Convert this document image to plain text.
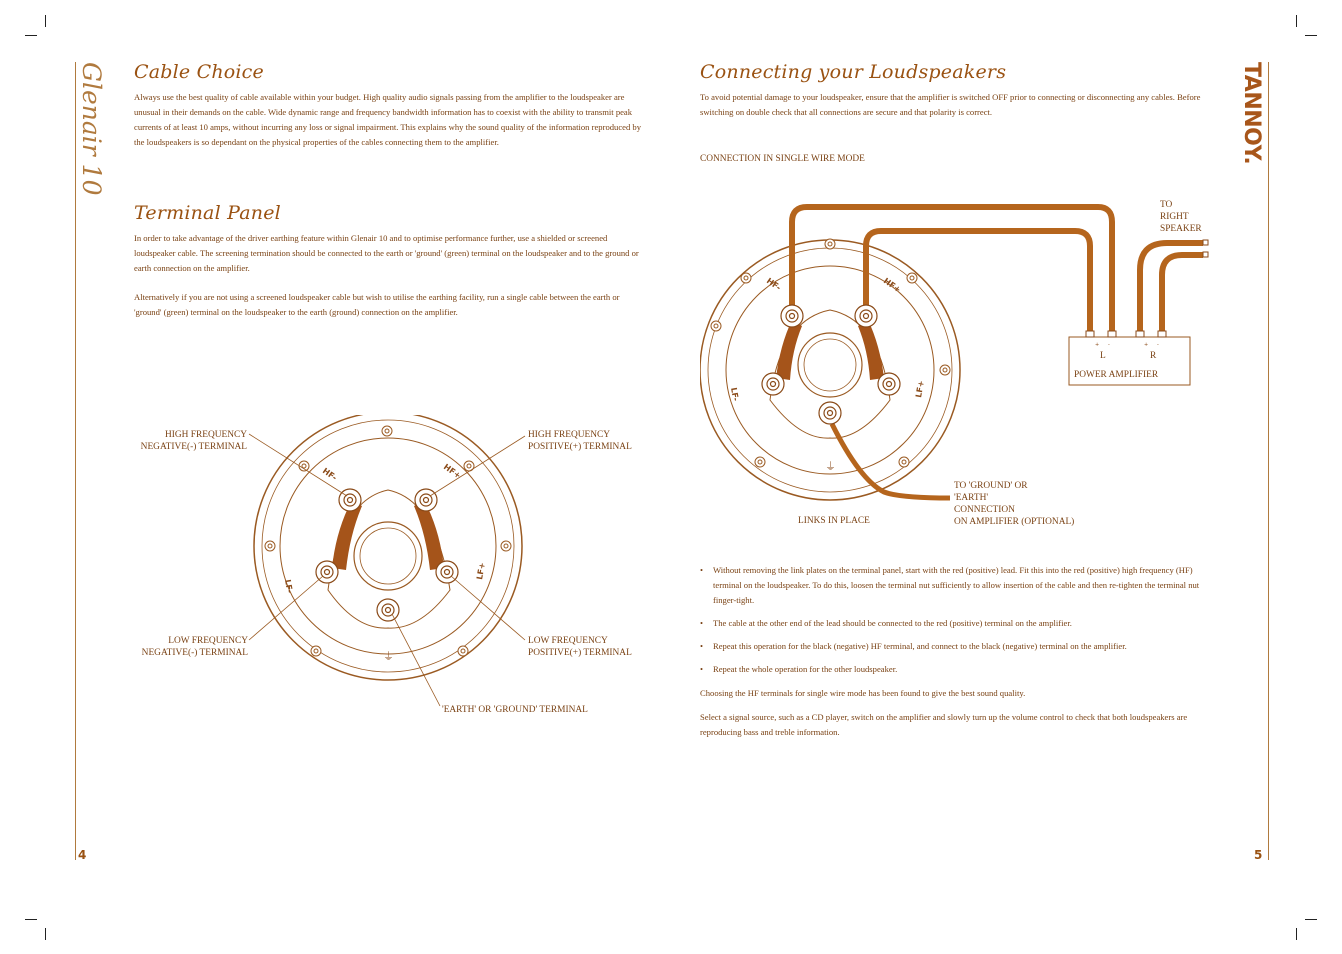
Glenair 10	TANNOY.
Cable Choice
Always use the best quality of cable available within your budget. High quality audio signals passing from the amplifier to the loudspeaker are unusual in their demands on the cable. Wide dynamic range and frequency bandwidth information has to coexist with the ability to transmit peak currents of at least 10 amps, without incurring any loss or signal impairment. This explains why the sound quality of the information reproduced by the loudspeakers is so dependant on the physical properties of the cables connecting them to the amplifier.
Terminal Panel
In order to take advantage of the driver earthing feature within Glenair 10 and to optimise performance further, use a shielded or screened loudspeaker cable. The screening termination should be connected to the earth or 'ground' (green) terminal on the loudspeaker and to the ground or earth connection on the amplifier.
Alternatively if you are not using a screened loudspeaker cable but wish to utilise the earthing facility, run a single cable between the earth or 'ground' (green) terminal on the loudspeaker to the earth (ground) connection on the amplifier.
HF-	HF+
LF-
LF+
⏚
HIGH FREQUENCY
NEGATIVE(-) TERMINAL
HIGH FREQUENCY
POSITIVE(+) TERMINAL
LOW FREQUENCY
NEGATIVE(-) TERMINAL
LOW FREQUENCY
POSITIVE(+) TERMINAL
'EARTH' OR 'GROUND' TERMINAL
4
Connecting your Loudspeakers
To avoid potential damage to your loudspeaker, ensure that the amplifier is switched OFF prior to connecting or disconnecting any cables. Before switching on double check that all connections are secure and that polarity is correct.
CONNECTION IN SINGLE WIRE MODE
HF-	HF+
LF-	LF+
⏚
+ -	+ -
TO
RIGHT
SPEAKER
L	R
POWER AMPLIFIER
LINKS IN PLACE
TO 'GROUND' OR
'EARTH'
CONNECTION
ON AMPLIFIER (OPTIONAL)
• Without removing the link plates on the terminal panel, start with the red (positive) lead. Fit this into the red (positive) high frequency (HF) terminal on the loudspeaker. To do this, loosen the terminal nut sufficiently to allow insertion of the cable and then re-tighten the terminal nut finger-tight.
• The cable at the other end of the lead should be connected to the red (positive) terminal on the amplifier.
• Repeat this operation for the black (negative) HF terminal, and connect to the black (negative) terminal on the amplifier.
• Repeat the whole operation for the other loudspeaker.
Choosing the HF terminals for single wire mode has been found to give the best sound quality.
Select a signal source, such as a CD player, switch on the amplifier and slowly turn up the volume control to check that both loudspeakers are reproducing bass and treble information.
5
